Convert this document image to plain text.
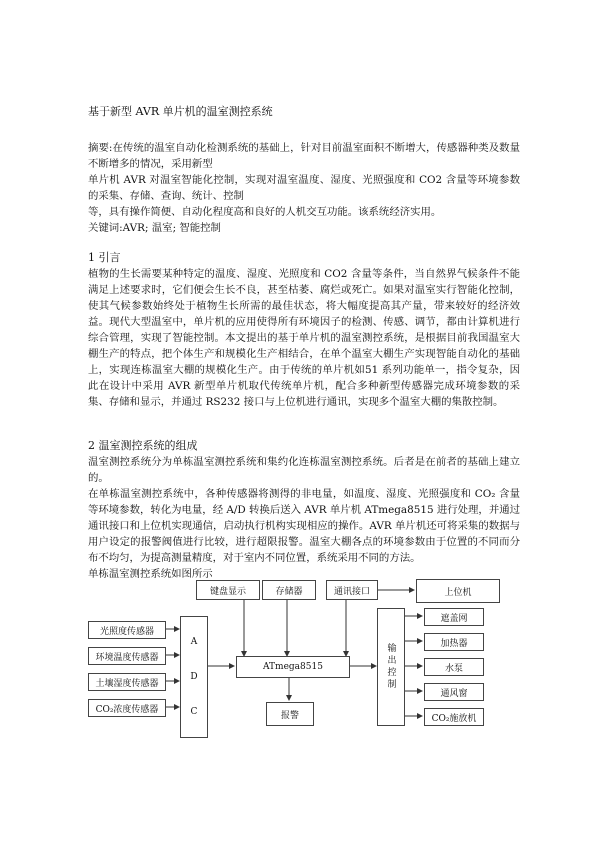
基于新型 AVR 单片机的温室测控系统

摘要:在传统的温室自动化检测系统的基础上，针对目前温室面积不断增大，传感器种类及数量不断增多的情况，采用新型

单片机 AVR 对温室智能化控制，实现对温室温度、湿度、光照强度和 CO2 含量等环境参数的采集、存储、查询、统计、控制

等，具有操作简便、自动化程度高和良好的人机交互功能。该系统经济实用。

关键词:AVR; 温室; 智能控制

1 引言

植物的生长需要某种特定的温度、湿度、光照度和 CO2 含量等条件，当自然界气候条件不能满足上述要求时，它们便会生长不良，甚至枯萎、腐烂或死亡。如果对温室实行智能化控制，使其气候参数始终处于植物生长所需的最佳状态，将大幅度提高其产量，带来较好的经济效益。现代大型温室中，单片机的应用使得所有环境因子的检测、传感、调节，都由计算机进行综合管理，实现了智能控制。本文提出的基于单片机的温室测控系统，是根据目前我国温室大棚生产的特点，把个体生产和规模化生产相结合，在单个温室大棚生产实现智能自动化的基础上，实现连栋温室大棚的规模化生产。由于传统的单片机如51 系列功能单一，指令复杂，因此在设计中采用 AVR 新型单片机取代传统单片机，配合多种新型传感器完成环境参数的采集、存储和显示，并通过 RS232 接口与上位机进行通讯，实现多个温室大棚的集散控制。

2 温室测控系统的组成

温室测控系统分为单栋温室测控系统和集约化连栋温室测控系统。后者是在前者的基础上建立的。

在单栋温室测控系统中，各种传感器将测得的非电量，如温度、湿度、光照强度和 CO₂ 含量等环境参数，转化为电量，经 A/D 转换后送入 AVR 单片机 ATmega8515 进行处理，并通过通讯接口和上位机实现通信，启动执行机构实现相应的操作。AVR 单片机还可将采集的数据与用户设定的报警阀值进行比较，进行超限报警。温室大棚各点的环境参数由于位置的不同而分布不均匀，为提高测量精度，对于室内不同位置，系统采用不同的方法。

单栋温室测控系统如图所示

键盘显示	存储器	通讯接口	上位机
光照度传感器
环境温度传感器
土壤湿度传感器
CO₂浓度传感器
A
D
C
ATmega8515
报警
输出控制
遮盖网
加热器
水泵
通风窗
CO₂施放机
